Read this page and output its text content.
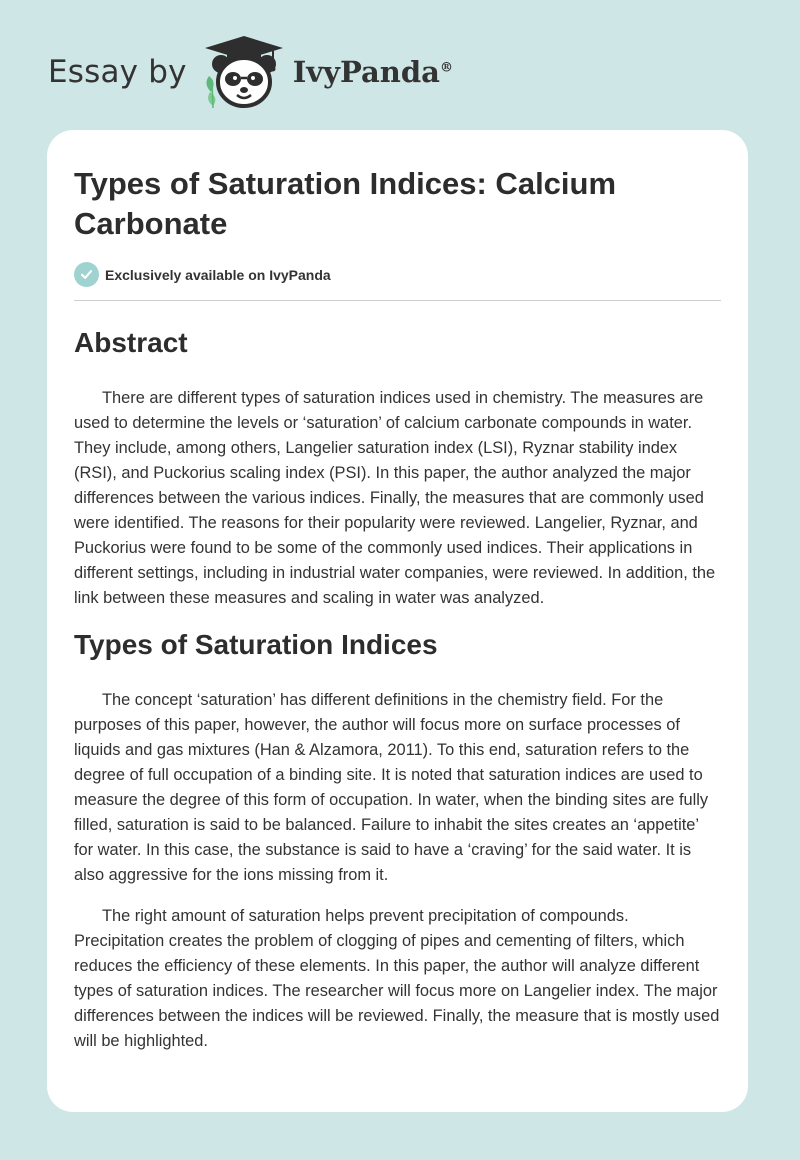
Essay by	IvyPanda®
Types of Saturation Indices: Calcium Carbonate
Exclusively available on IvyPanda
Abstract

There are different types of saturation indices used in chemistry. The measures are used to determine the levels or ‘saturation’ of calcium carbonate compounds in water. They include, among others, Langelier saturation index (LSI), Ryznar stability index (RSI), and Puckorius scaling index (PSI). In this paper, the author analyzed the major differences between the various indices. Finally, the measures that are commonly used were identified. The reasons for their popularity were reviewed. Langelier, Ryznar, and Puckorius were found to be some of the commonly used indices. Their applications in different settings, including in industrial water companies, were reviewed. In addition, the link between these measures and scaling in water was analyzed.

Types of Saturation Indices

The concept ‘saturation’ has different definitions in the chemistry field. For the purposes of this paper, however, the author will focus more on surface processes of liquids and gas mixtures (Han & Alzamora, 2011). To this end, saturation refers to the degree of full occupation of a binding site. It is noted that saturation indices are used to measure the degree of this form of occupation. In water, when the binding sites are fully filled, saturation is said to be balanced. Failure to inhabit the sites creates an ‘appetite’ for water. In this case, the substance is said to have a ‘craving’ for the said water. It is also aggressive for the ions missing from it.

The right amount of saturation helps prevent precipitation of compounds. Precipitation creates the problem of clogging of pipes and cementing of filters, which reduces the efficiency of these elements. In this paper, the author will analyze different types of saturation indices. The researcher will focus more on Langelier index. The major differences between the indices will be reviewed. Finally, the measure that is mostly used will be highlighted.
